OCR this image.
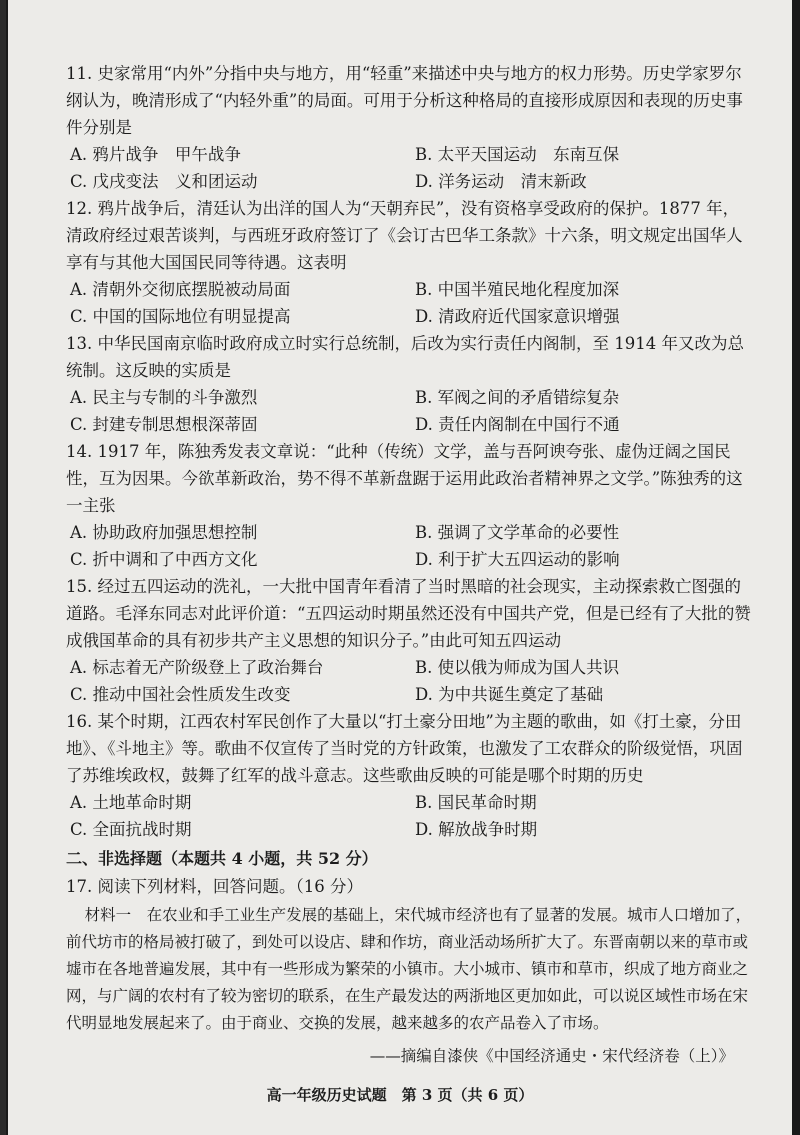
11. 史家常用“内外”分指中央与地方，用“轻重”来描述中央与地方的权力形势。历史学家罗尔纲认为，晚清形成了“内轻外重”的局面。可用于分析这种格局的直接形成原因和表现的历史事件分别是

A. 鸦片战争　甲午战争	B. 太平天国运动　东南互保
C. 戊戌变法　义和团运动	D. 洋务运动　清末新政

12. 鸦片战争后，清廷认为出洋的国人为“天朝弃民”，没有资格享受政府的保护。1877 年，清政府经过艰苦谈判，与西班牙政府签订了《会订古巴华工条款》十六条，明文规定出国华人享有与其他大国国民同等待遇。这表明

A. 清朝外交彻底摆脱被动局面	B. 中国半殖民地化程度加深
C. 中国的国际地位有明显提高	D. 清政府近代国家意识增强

13. 中华民国南京临时政府成立时实行总统制，后改为实行责任内阁制，至 1914 年又改为总统制。这反映的实质是

A. 民主与专制的斗争激烈	B. 军阀之间的矛盾错综复杂
C. 封建专制思想根深蒂固	D. 责任内阁制在中国行不通

14. 1917 年，陈独秀发表文章说：“此种（传统）文学，盖与吾阿谀夸张、虚伪迂阔之国民性，互为因果。今欲革新政治，势不得不革新盘踞于运用此政治者精神界之文学。”陈独秀的这一主张

A. 协助政府加强思想控制	B. 强调了文学革命的必要性
C. 折中调和了中西方文化	D. 利于扩大五四运动的影响

15. 经过五四运动的洗礼，一大批中国青年看清了当时黑暗的社会现实，主动探索救亡图强的道路。毛泽东同志对此评价道：“五四运动时期虽然还没有中国共产党，但是已经有了大批的赞成俄国革命的具有初步共产主义思想的知识分子。”由此可知五四运动

A. 标志着无产阶级登上了政治舞台	B. 使以俄为师成为国人共识
C. 推动中国社会性质发生改变	D. 为中共诞生奠定了基础

16. 某个时期，江西农村军民创作了大量以“打土豪分田地”为主题的歌曲，如《打土豪，分田地》、《斗地主》等。歌曲不仅宣传了当时党的方针政策，也激发了工农群众的阶级觉悟，巩固了苏维埃政权，鼓舞了红军的战斗意志。这些歌曲反映的可能是哪个时期的历史

A. 土地革命时期	B. 国民革命时期
C. 全面抗战时期	D. 解放战争时期
二、非选择题（本题共 4 小题，共 52 分）
17. 阅读下列材料，回答问题。（16 分）
材料一　在农业和手工业生产发展的基础上，宋代城市经济也有了显著的发展。城市人口增加了，前代坊市的格局被打破了，到处可以设店、肆和作坊，商业活动场所扩大了。东晋南朝以来的草市或墟市在各地普遍发展，其中有一些形成为繁荣的小镇市。大小城市、镇市和草市，织成了地方商业之网，与广阔的农村有了较为密切的联系，在生产最发达的两浙地区更加如此，可以说区域性市场在宋代明显地发展起来了。由于商业、交换的发展，越来越多的农产品卷入了市场。
——摘编自漆侠《中国经济通史・宋代经济卷（上）》
高一年级历史试题　第 3 页（共 6 页）
